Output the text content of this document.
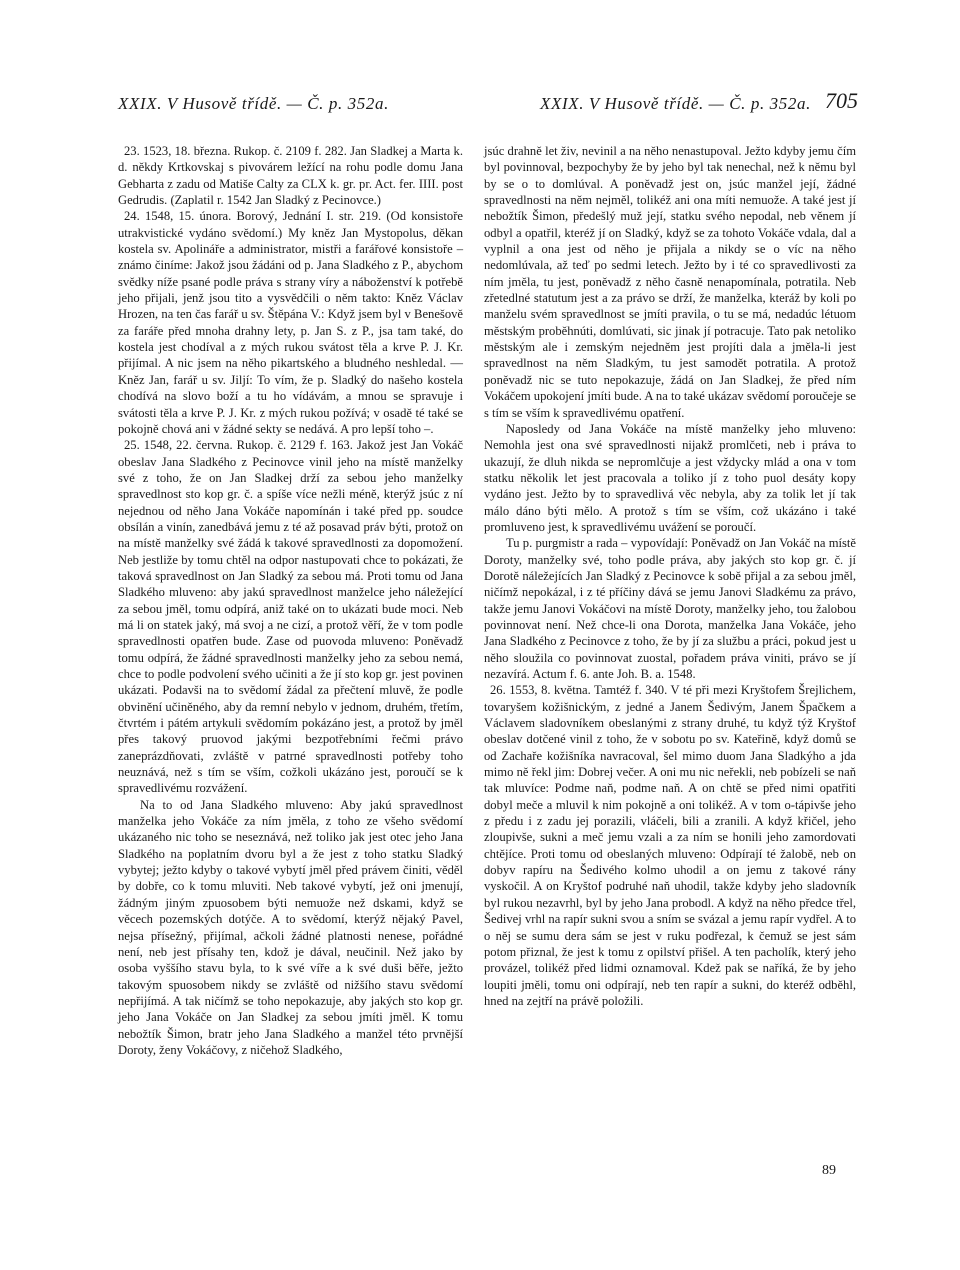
XXIX. V Husově třídě. — Č. p. 352a.	XXIX. V Husově třídě. — Č. p. 352a. 705

23. 1523, 18. března. Rukop. č. 2109 f. 282. Jan Sladkej a Marta k. d. někdy Krtkovskaj s pivovárem ležící na rohu podle domu Jana Gebharta z zadu od Matiše Calty za CLX k. gr. pr. Act. fer. IIII. post Gedrudis. (Zaplatil r. 1542 Jan Sladký z Pecinovce.)

24. 1548, 15. února. Borový, Jednání I. str. 219. (Od konsistoře utrakvistické vydáno svědomí.) My kněz Jan Mystopolus, děkan kostela sv. Apolináře a administrator, mistři a farářové konsistoře – známo činíme: Jakož jsou žádáni od p. Jana Sladkého z P., abychom svědky níže psané podle práva s strany víry a náboženství k potřebě jeho přijali, jenž jsou tito a vysvědčili o něm takto: Kněz Václav Hrozen, na ten čas farář u sv. Štěpána V.: Když jsem byl v Benešově za faráře před mnoha drahny lety, p. Jan S. z P., jsa tam také, do kostela jest chodíval a z mých rukou svátost těla a krve P. J. Kr. přijímal. A nic jsem na něho pikartského a bludného neshledal. — Kněz Jan, farář u sv. Jiljí: To vím, že p. Sladký do našeho kostela chodívá na slovo boží a tu ho vídávám, a mnou se spravuje i svátosti těla a krve P. J. Kr. z mých rukou požívá; v osadě té také se pokojně chová ani v žádné sekty se nedává. A pro lepší toho –.

25. 1548, 22. června. Rukop. č. 2129 f. 163. Jakož jest Jan Vokáč obeslav Jana Sladkého z Pecinovce vinil jeho na místě manželky své z toho, že on Jan Sladkej drží za sebou jeho manželky spravedlnost sto kop gr. č. a spíše více nežli méně, kterýž jsúc z ní nejednou od něho Jana Vokáče napomínán i také před pp. soudce obsílán a vinín, zanedbává jemu z té až posavad práv býti, protož on na místě manželky své žádá k takové spravedlnosti za dopomožení. Neb jestliže by tomu chtěl na odpor nastupovati chce to pokázati, že taková spravedlnost on Jan Sladký za sebou má. Proti tomu od Jana Sladkého mluveno: aby jakú spravedlnost manželce jeho náležející za sebou jměl, tomu odpírá, aniž také on to ukázati bude moci. Neb má li on statek jaký, má svoj a ne cizí, a protož věří, že v tom podle spravedlnosti opatřen bude. Zase od puovoda mluveno: Poněvadž tomu odpírá, že žádné spravedlnosti manželky jeho za sebou nemá, chce to podle podvolení svého učiniti a že jí sto kop gr. jest povinen ukázati. Podavši na to svědomí žádal za přečtení mluvě, že podle obvinění učiněného, aby da remní nebylo v jednom, druhém, třetím, čtvrtém i pátém artykuli svědomím pokázáno jest, a protož by jměl přes takový pruovod jakými bezpotřebními řečmi právo zaneprázdňovati, zvláště v patrné spravedlnosti potřeby toho neuznává, než s tím se vším, cožkoli ukázáno jest, poroučí se k spravedlivému rozvážení.

Na to od Jana Sladkého mluveno: Aby jakú spravedlnost manželka jeho Vokáče za ním jměla, z toho ze všeho svědomí ukázaného nic toho se neseznává, než toliko jak jest otec jeho Jana Sladkého na poplatním dvoru byl a že jest z toho statku Sladký vybytej; ježto kdyby o takové vybytí jměl před právem činiti, věděl by dobře, co k tomu mluviti. Neb takové vybytí, jež oni jmenují, žádným jiným zpuosobem býti nemuože než dskami, když se věcech pozemských dotýče. A to svědomí, kterýž nějaký Pavel, nejsa přísežný, přijímal, ačkoli žádné platnosti nenese, pořádné není, neb jest přísahy ten, kdož je dával, neučinil. Než jako by osoba vyššího stavu byla, to k své víře a k své duši běře, ježto takovým spuosobem nikdy se zvláště od nižšího stavu svědomí nepřijímá. A tak ničímž se toho nepokazuje, aby jakých sto kop gr. jeho Jana Vokáče on Jan Sladkej za sebou jmíti jměl. K tomu nebožtík Šimon, bratr jeho Jana Sladkého a manžel této prvnější Doroty, ženy Vokáčovy, z ničehož Sladkého,

jsúc drahně let živ, nevinil a na něho nenastupoval. Ježto kdyby jemu čím byl povinnoval, bezpochyby že by jeho byl tak nenechal, než k němu byl by se o to domlúval. A poněvadž jest on, jsúc manžel její, žádné spravedlnosti na něm nejměl, tolikéž ani ona míti nemuože. A také jest jí nebožtík Šimon, předešlý muž její, statku svého nepodal, neb věnem jí odbyl a opatřil, kteréž jí on Sladký, když se za tohoto Vokáče vdala, dal a vyplnil a ona jest od něho je přijala a nikdy se o víc na něho nedomlúvala, až teď po sedmi letech. Ježto by i té co spravedlivosti za ním jměla, tu jest, poněvadž z něho časně nenapomínala, potratila. Neb zřetedlné statutum jest a za právo se drží, že manželka, kteráž by koli po manželu svém spravedlnost se jmíti pravila, o tu se má, nedadúc létuom městským proběhnúti, domlúvati, sic jinak jí potracuje. Tato pak netoliko městským ale i zemským nejedněm jest projíti dala a jměla-li jest spravedlnost na něm Sladkým, tu jest samodět potratila. A protož poněvadž nic se tuto nepokazuje, žádá on Jan Sladkej, že před ním Vokáčem upokojení jmíti bude. A na to také ukázav svědomí poroučeje se s tím se vším k spravedlivému opatření.

Naposledy od Jana Vokáče na místě manželky jeho mluveno: Nemohla jest ona své spravedlnosti nijakž promlčeti, neb i práva to ukazují, že dluh nikda se nepromlčuje a jest vždycky mlád a ona v tom statku několik let jest pracovala a toliko jí z toho puol desáty kopy vydáno jest. Ježto by to spravedlivá věc nebyla, aby za tolik let jí tak málo dáno býti mělo. A protož s tím se vším, což ukázáno i také promluveno jest, k spravedlivému uvážení se poroučí.

Tu p. purgmistr a rada – vypovídají: Poněvadž on Jan Vokáč na místě Doroty, manželky své, toho podle práva, aby jakých sto kop gr. č. jí Dorotě náležejících Jan Sladký z Pecinovce k sobě přijal a za sebou jměl, ničímž nepokázal, i z té příčiny dává se jemu Janovi Sladkému za právo, takže jemu Janovi Vokáčovi na místě Doroty, manželky jeho, tou žalobou povinnovat není. Než chce-li ona Dorota, manželka Jana Vokáče, jeho Jana Sladkého z Pecinovce z toho, že by jí za službu a práci, pokud jest u něho sloužila co povinnovat zuostal, pořadem práva viniti, právo se jí nezavírá. Actum f. 6. ante Joh. B. a. 1548.

26. 1553, 8. května. Tamtéž f. 340. V té při mezi Kryštofem Šrejlichem, tovaryšem kožišnickým, z jedné a Janem Šedivým, Janem Špačkem a Václavem sladovníkem obeslanými z strany druhé, tu když týž Kryštof obeslav dotčené vinil z toho, že v sobotu po sv. Kateřině, když domů se od Zachaře kožišníka navracoval, šel mimo duom Jana Sladkýho a jda mimo ně řekl jim: Dobrej večer. A oni mu nic neřekli, neb pobízeli se naň tak mluvíce: Podme naň, podme naň. A on chtě se před nimi opatřiti dobyl meče a mluvil k nim pokojně a oni tolikéž. A v tom o-tápivše jeho z předu i z zadu jej porazili, vláčeli, bili a zranili. A když křičel, jeho zloupivše, sukni a meč jemu vzali a za ním se honili jeho zamordovati chtějíce. Proti tomu od obeslaných mluveno: Odpírají té žalobě, neb on dobyv rapíru na Šedivého kolmo uhodil a on jemu z takové rány vyskočil. A on Kryštof podruhé naň uhodil, takže kdyby jeho sladovník byl rukou nezavrhl, byl by jeho Jana probodl. A když na něho předce třel, Šedivej vrhl na rapír sukni svou a sním se svázal a jemu rapír vydřel. A to o něj se sumu dera sám se jest v ruku podřezal, k čemuž se jest sám potom přiznal, že jest k tomu z opilství přišel. A ten pacholík, který jeho provázel, tolikéž před lidmi oznamoval. Kdež pak se naříká, že by jeho loupiti jměli, tomu oni odpírají, neb ten rapír a sukni, do kteréž odběhl, hned na zejtří na právě položili.

89
